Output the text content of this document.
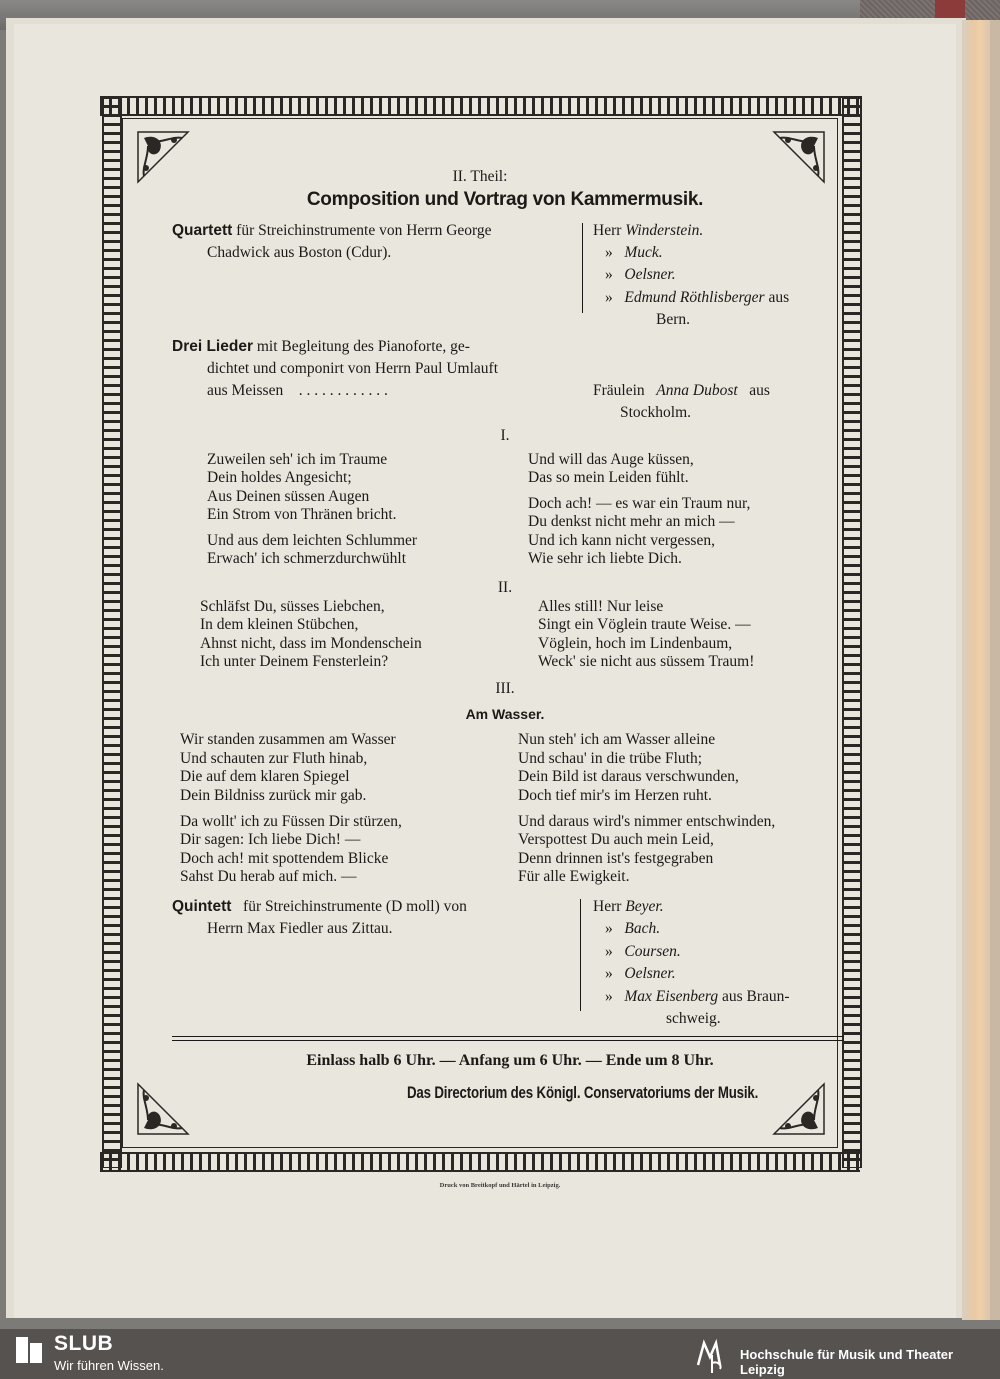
II. Theil:
Composition und Vortrag von Kammermusik.
Quartett für Streichinstrumente von Herrn George
Chadwick aus Boston (Cdur).
Herr Winderstein.
» Muck.
» Oelsner.
» Edmund Röthlisberger aus
Bern.
Drei Lieder mit Begleitung des Pianoforte, ge-
dichtet und componirt von Herrn Paul Umlauft
aus Meissen . . . . . . . . . . . .	Fräulein Anna Dubost aus
Stockholm.
I.
Zuweilen seh' ich im Traume
Dein holdes Angesicht;
Aus Deinen süssen Augen
Ein Strom von Thränen bricht.
Und aus dem leichten Schlummer
Erwach' ich schmerzdurchwühlt
Und will das Auge küssen,
Das so mein Leiden fühlt.
Doch ach! — es war ein Traum nur,
Du denkst nicht mehr an mich —
Und ich kann nicht vergessen,
Wie sehr ich liebte Dich.
II.
Schläfst Du, süsses Liebchen,
In dem kleinen Stübchen,
Ahnst nicht, dass im Mondenschein
Ich unter Deinem Fensterlein?
Alles still! Nur leise
Singt ein Vöglein traute Weise. —
Vöglein, hoch im Lindenbaum,
Weck' sie nicht aus süssem Traum!
III.
Am Wasser.
Wir standen zusammen am Wasser
Und schauten zur Fluth hinab,
Die auf dem klaren Spiegel
Dein Bildniss zurück mir gab.
Da wollt' ich zu Füssen Dir stürzen,
Dir sagen: Ich liebe Dich! —
Doch ach! mit spottendem Blicke
Sahst Du herab auf mich. —
Nun steh' ich am Wasser alleine
Und schau' in die trübe Fluth;
Dein Bild ist daraus verschwunden,
Doch tief mir's im Herzen ruht.
Und daraus wird's nimmer entschwinden,
Verspottest Du auch mein Leid,
Denn drinnen ist's festgegraben
Für alle Ewigkeit.
Quintett für Streichinstrumente (D moll) von
Herrn Max Fiedler aus Zittau.
Herr Beyer.
» Bach.
» Coursen.
» Oelsner.
» Max Eisenberg aus Braun-
schweig.
Einlass halb 6 Uhr. — Anfang um 6 Uhr. — Ende um 8 Uhr.
Das Directorium des Königl. Conservatoriums der Musik.
Druck von Breitkopf und Härtel in Leipzig.
SLUB
Wir führen Wissen.
Hochschule für Musik und Theater Leipzig
